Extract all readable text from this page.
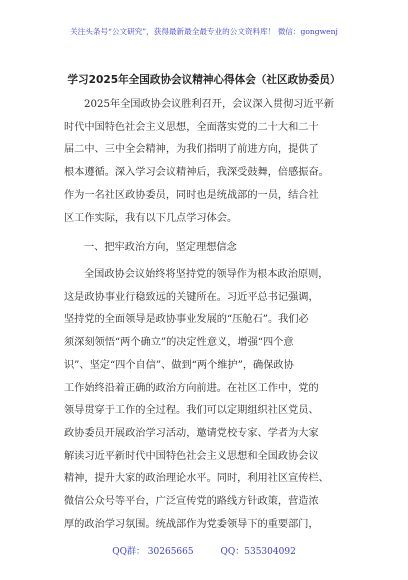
关注头条号“公文研究”，获得最新最全最专业的公文资料库！ 微信：gongwenj
学习2025年全国政协会议精神心得体会（社区政协委员）
2025年全国政协会议胜利召开，会议深入贯彻习近平新
时代中国特色社会主义思想，全面落实党的二十大和二十
届二中、三中全会精神，为我们指明了前进方向，提供了
根本遵循。深入学习会议精神后，我深受鼓舞，倍感振奋。
作为一名社区政协委员，同时也是统战部的一员，结合社
区工作实际，我有以下几点学习体会。
一、把牢政治方向，坚定理想信念
全国政协会议始终将坚持党的领导作为根本政治原则，
这是政协事业行稳致远的关键所在。习近平总书记强调，
坚持党的全面领导是政协事业发展的“压舱石”。我们必
须深刻领悟“两个确立”的决定性意义，增强“四个意
识”、坚定“四个自信”、做到“两个维护”，确保政协
工作始终沿着正确的政治方向前进。在社区工作中，党的
领导贯穿于工作的全过程。我们可以定期组织社区党员、
政协委员开展政治学习活动，邀请党校专家、学者为大家
解读习近平新时代中国特色社会主义思想和全国政协会议
精神，提升大家的政治理论水平。同时，利用社区宣传栏、
微信公众号等平台，广泛宣传党的路线方针政策，营造浓
厚的政治学习氛围。统战部作为党委领导下的重要部门，
QQ群： 30265665	QQ：535304092
